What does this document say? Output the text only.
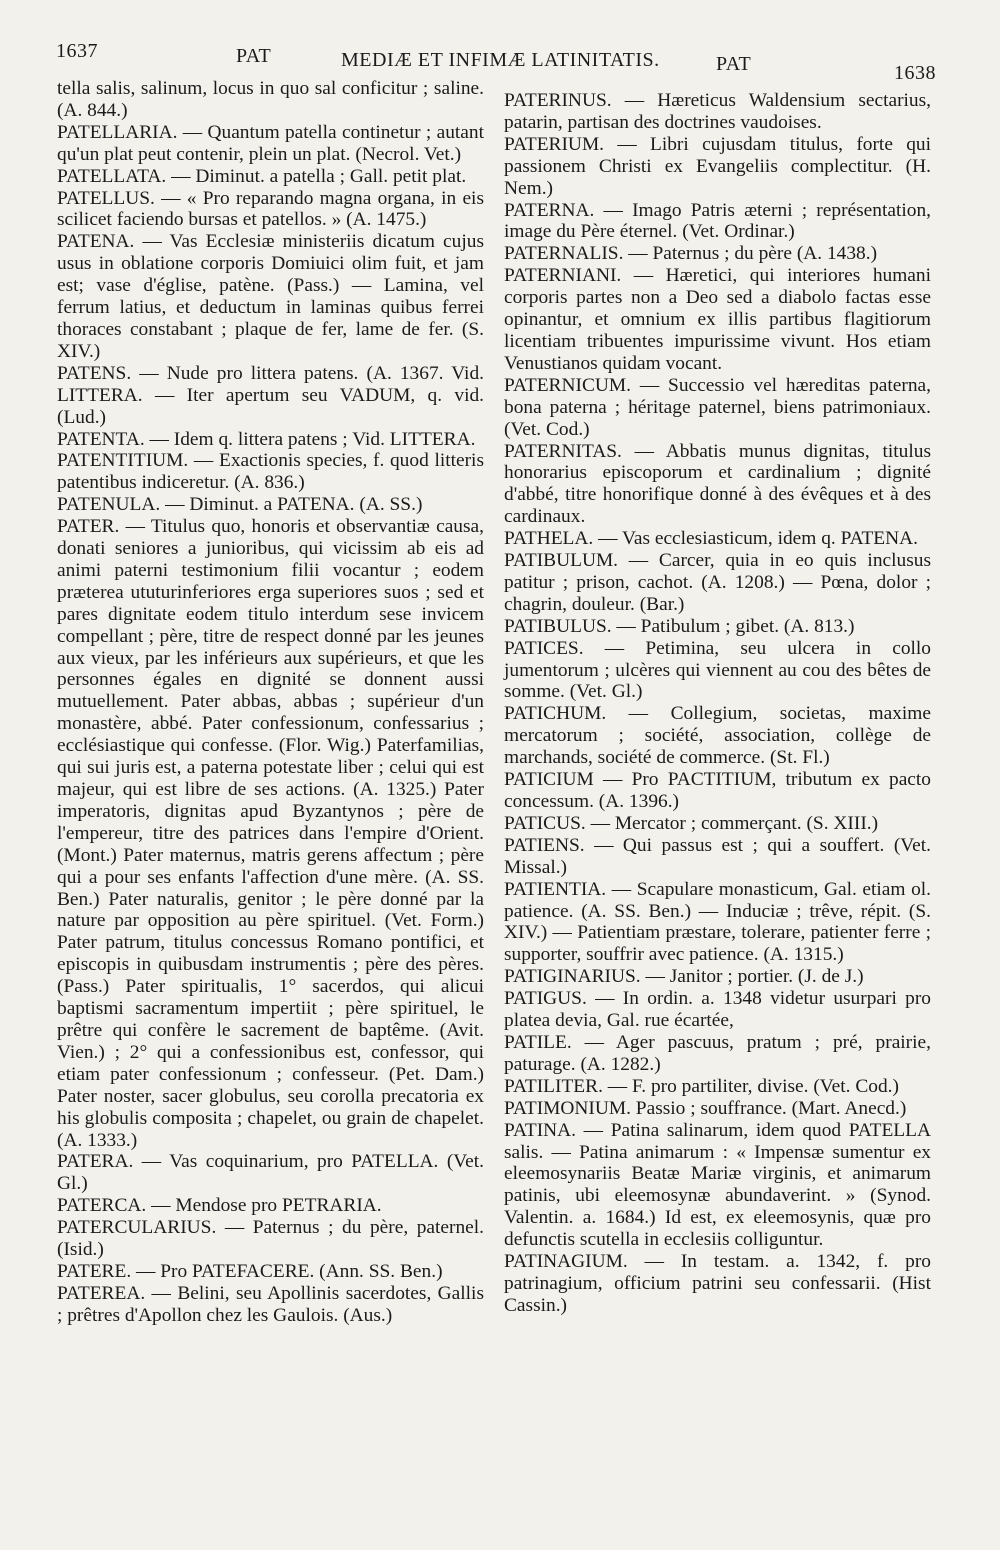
1637	PAT	MEDIÆ ET INFIMÆ LATINITATIS.	PAT	1638

tella salis, salinum, locus in quo sal conficitur ; saline. (A. 844.)

PATELLARIA. — Quantum patella continetur ; autant qu'un plat peut contenir, plein un plat. (Necrol. Vet.)

PATELLATA. — Diminut. a patella ; Gall. petit plat.

PATELLUS. — « Pro reparando magna organa, in eis scilicet faciendo bursas et patellos. » (A. 1475.)

PATENA. — Vas Ecclesiæ ministeriis dicatum cujus usus in oblatione corporis Domiuici olim fuit, et jam est; vase d'église, patène. (Pass.) — Lamina, vel ferrum latius, et deductum in laminas quibus ferrei thoraces constabant ; plaque de fer, lame de fer. (S. XIV.)

PATENS. — Nude pro littera patens. (A. 1367. Vid. LITTERA. — Iter apertum seu VADUM, q. vid. (Lud.)

PATENTA. — Idem q. littera patens ; Vid. LITTERA.

PATENTITIUM. — Exactionis species, f. quod litteris patentibus indiceretur. (A. 836.)

PATENULA. — Diminut. a PATENA. (A. SS.)

PATER. — Titulus quo, honoris et observantiæ causa, donati seniores a junioribus, qui vicissim ab eis ad animi paterni testimonium filii vocantur ; eodem præterea ututurinferiores erga superiores suos ; sed et pares dignitate eodem titulo interdum sese invicem compellant ; père, titre de respect donné par les jeunes aux vieux, par les inférieurs aux supérieurs, et que les personnes égales en dignité se donnent aussi mutuellement. Pater abbas, abbas ; supérieur d'un monastère, abbé. Pater confessionum, confessarius ; ecclésiastique qui confesse. (Flor. Wig.) Paterfamilias, qui sui juris est, a paterna potestate liber ; celui qui est majeur, qui est libre de ses actions. (A. 1325.) Pater imperatoris, dignitas apud Byzantynos ; père de l'empereur, titre des patrices dans l'empire d'Orient. (Mont.) Pater maternus, matris gerens affectum ; père qui a pour ses enfants l'affection d'une mère. (A. SS. Ben.) Pater naturalis, genitor ; le père donné par la nature par opposition au père spirituel. (Vet. Form.) Pater patrum, titulus concessus Romano pontifici, et episcopis in quibusdam instrumentis ; père des pères. (Pass.) Pater spiritualis, 1° sacerdos, qui alicui baptismi sacramentum impertiit ; père spirituel, le prêtre qui confère le sacrement de baptême. (Avit. Vien.) ; 2° qui a confessionibus est, confessor, qui etiam pater confessionum ; confesseur. (Pet. Dam.) Pater noster, sacer globulus, seu corolla precatoria ex his globulis composita ; chapelet, ou grain de chapelet. (A. 1333.)

PATERA. — Vas coquinarium, pro PATELLA. (Vet. Gl.)

PATERCA. — Mendose pro PETRARIA.

PATERCULARIUS. — Paternus ; du père, paternel. (Isid.)

PATERE. — Pro PATEFACERE. (Ann. SS. Ben.)

PATEREA. — Belini, seu Apollinis sacerdotes, Gallis ; prêtres d'Apollon chez les Gaulois. (Aus.)

PATERINUS. — Hæreticus Waldensium sectarius, patarin, partisan des doctrines vaudoises.

PATERIUM. — Libri cujusdam titulus, forte qui passionem Christi ex Evangeliis complectitur. (H. Nem.)

PATERNA. — Imago Patris æterni ; représentation, image du Père éternel. (Vet. Ordinar.)

PATERNALIS. — Paternus ; du père (A. 1438.)

PATERNIANI. — Hæretici, qui interiores humani corporis partes non a Deo sed a diabolo factas esse opinantur, et omnium ex illis partibus flagitiorum licentiam tribuentes impurissime vivunt. Hos etiam Venustianos quidam vocant.

PATERNICUM. — Successio vel hæreditas paterna, bona paterna ; héritage paternel, biens patrimoniaux. (Vet. Cod.)

PATERNITAS. — Abbatis munus dignitas, titulus honorarius episcoporum et cardinalium ; dignité d'abbé, titre honorifique donné à des évêques et à des cardinaux.

PATHELA. — Vas ecclesiasticum, idem q. PATENA.

PATIBULUM. — Carcer, quia in eo quis inclusus patitur ; prison, cachot. (A. 1208.) — Pœna, dolor ; chagrin, douleur. (Bar.)

PATIBULUS. — Patibulum ; gibet. (A. 813.)

PATICES. — Petimina, seu ulcera in collo jumentorum ; ulcères qui viennent au cou des bêtes de somme. (Vet. Gl.)

PATICHUM. — Collegium, societas, maxime mercatorum ; société, association, collège de marchands, société de commerce. (St. Fl.)

PATICIUM — Pro PACTITIUM, tributum ex pacto concessum. (A. 1396.)

PATICUS. — Mercator ; commerçant. (S. XIII.)

PATIENS. — Qui passus est ; qui a souffert. (Vet. Missal.)

PATIENTIA. — Scapulare monasticum, Gal. etiam ol. patience. (A. SS. Ben.) — Induciæ ; trêve, répit. (S. XIV.) — Patientiam præstare, tolerare, patienter ferre ; supporter, souffrir avec patience. (A. 1315.)

PATIGINARIUS. — Janitor ; portier. (J. de J.)

PATIGUS. — In ordin. a. 1348 videtur usurpari pro platea devia, Gal. rue écartée,

PATILE. — Ager pascuus, pratum ; pré, prairie, paturage. (A. 1282.)

PATILITER. — F. pro partiliter, divise. (Vet. Cod.)

PATIMONIUM. Passio ; souffrance. (Mart. Anecd.)

PATINA. — Patina salinarum, idem quod PATELLA salis. — Patina animarum : « Impensæ sumentur ex eleemosynariis Beatæ Mariæ virginis, et animarum patinis, ubi eleemosynæ abundaverint. » (Synod. Valentin. a. 1684.) Id est, ex eleemosynis, quæ pro defunctis scutella in ecclesiis colliguntur.

PATINAGIUM. — In testam. a. 1342, f. pro patrinagium, officium patrini seu confessarii. (Hist Cassin.)
